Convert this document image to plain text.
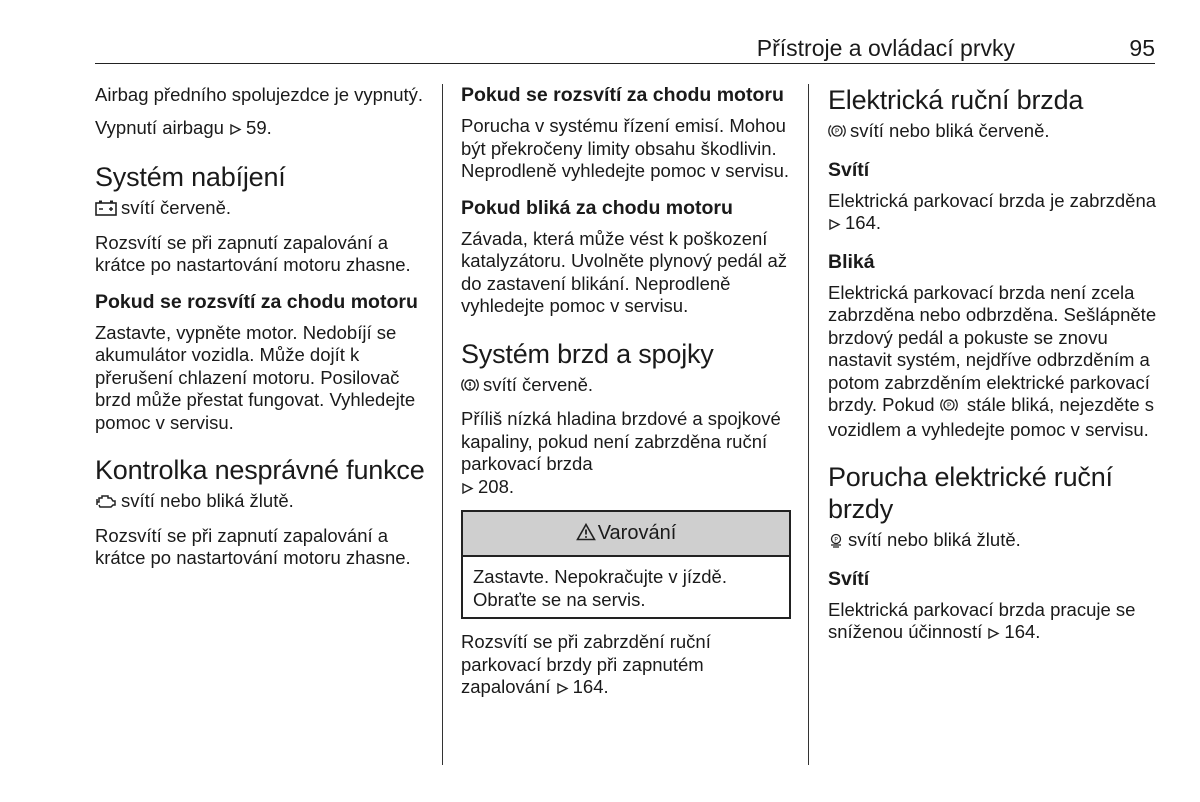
Přístroje a ovládací prvky	95

Airbag předního spolujezdce je vypnutý.

Vypnutí airbagu 59.

Systém nabíjení

svítí červeně.

Rozsvítí se při zapnutí zapalování a krátce po nastartování motoru zhasne.

Pokud se rozsvítí za chodu motoru

Zastavte, vypněte motor. Nedobíjí se akumulátor vozidla. Může dojít k přerušení chlazení motoru. Posilovač brzd může přestat fungovat. Vyhledejte pomoc v servisu.

Kontrolka nesprávné funkce

svítí nebo bliká žlutě.

Rozsvítí se při zapnutí zapalování a krátce po nastartování motoru zhasne.

Pokud se rozsvítí za chodu motoru

Porucha v systému řízení emisí. Mohou být překročeny limity obsahu škodlivin. Neprodleně vyhledejte pomoc v servisu.

Pokud bliká za chodu motoru

Závada, která může vést k poškození katalyzátoru. Uvolněte plynový pedál až do zastavení blikání. Neprodleně vyhledejte pomoc v servisu.

Systém brzd a spojky

svítí červeně.

Příliš nízká hladina brzdové a spojkové kapaliny, pokud není zabrzděna ruční parkovací brzda
208.

Varování

Zastavte. Nepokračujte v jízdě. Obraťte se na servis.

Rozsvítí se při zabrzdění ruční parkovací brzdy při zapnutém zapalování 164.

Elektrická ruční brzda

P svítí nebo bliká červeně.

Svítí

Elektrická parkovací brzda je zabrzděna 164.

Bliká

Elektrická parkovací brzda není zcela zabrzděna nebo odbrzděna. Sešlápněte brzdový pedál a pokuste se znovu nastavit systém, nejdříve odbrzděním a potom zabrzděním elektrické parkovací brzdy. Pokud P stále bliká, nejezděte s vozidlem a vyhledejte pomoc v servisu.

Porucha elektrické ruční brzdy

P svítí nebo bliká žlutě.

Svítí

Elektrická parkovací brzda pracuje se sníženou účinností 164.
